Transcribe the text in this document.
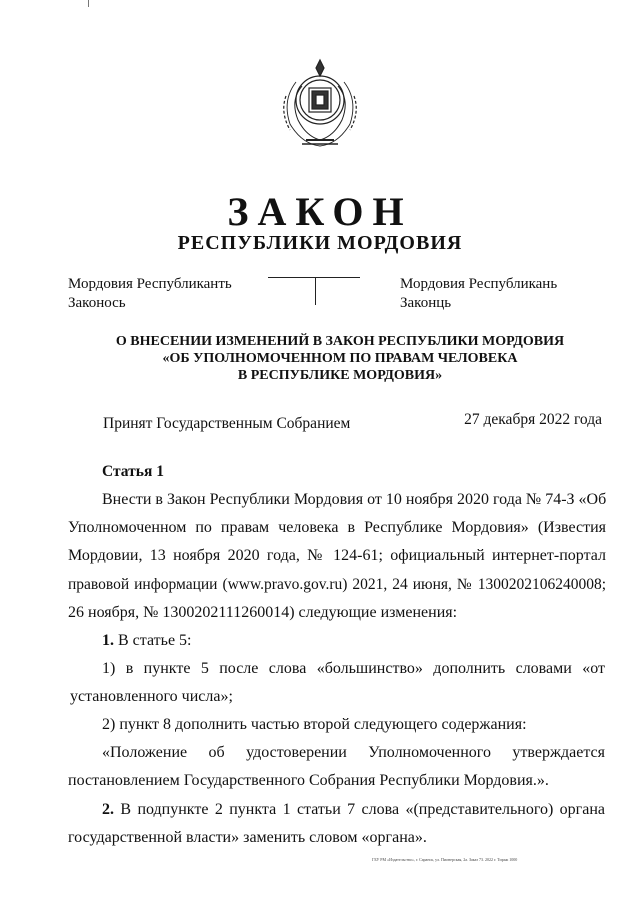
ЗАКОН
РЕСПУБЛИКИ МОРДОВИЯ
Мордовия Республиканть
Законось
Мордовия Республикань
Законць
О ВНЕСЕНИИ ИЗМЕНЕНИЙ В ЗАКОН РЕСПУБЛИКИ МОРДОВИЯ
«ОБ УПОЛНОМОЧЕННОМ ПО ПРАВАМ ЧЕЛОВЕКА
В РЕСПУБЛИКЕ МОРДОВИЯ»
Принят Государственным Собранием	27 декабря 2022 года
Статья 1
Внести в Закон Республики Мордовия от 10 ноября 2020 года № 74-З «Об
Уполномоченном по правам человека в Республике Мордовия» (Известия
Мордовии, 13 ноября 2020 года, № 124-61; официальный интернет-портал
правовой информации (www.pravo.gov.ru) 2021, 24 июня, № 1300202106240008;
26 ноября, № 1300202111260014) следующие изменения:
1. В статье 5:
1) в пункте 5 после слова «большинство» дополнить словами «от
установленного числа»;
2) пункт 8 дополнить частью второй следующего содержания:
«Положение об удостоверении Уполномоченного утверждается
постановлением Государственного Собрания Республики Мордовия.».
2. В подпункте 2 пункта 1 статьи 7 слова «(представительного) органа
государственной власти» заменить словом «органа».
ГБУ РМ «Издательство», г. Саранск, ул. Пионерская, 2а. Заказ 73. 2022 г. Тираж 1000
